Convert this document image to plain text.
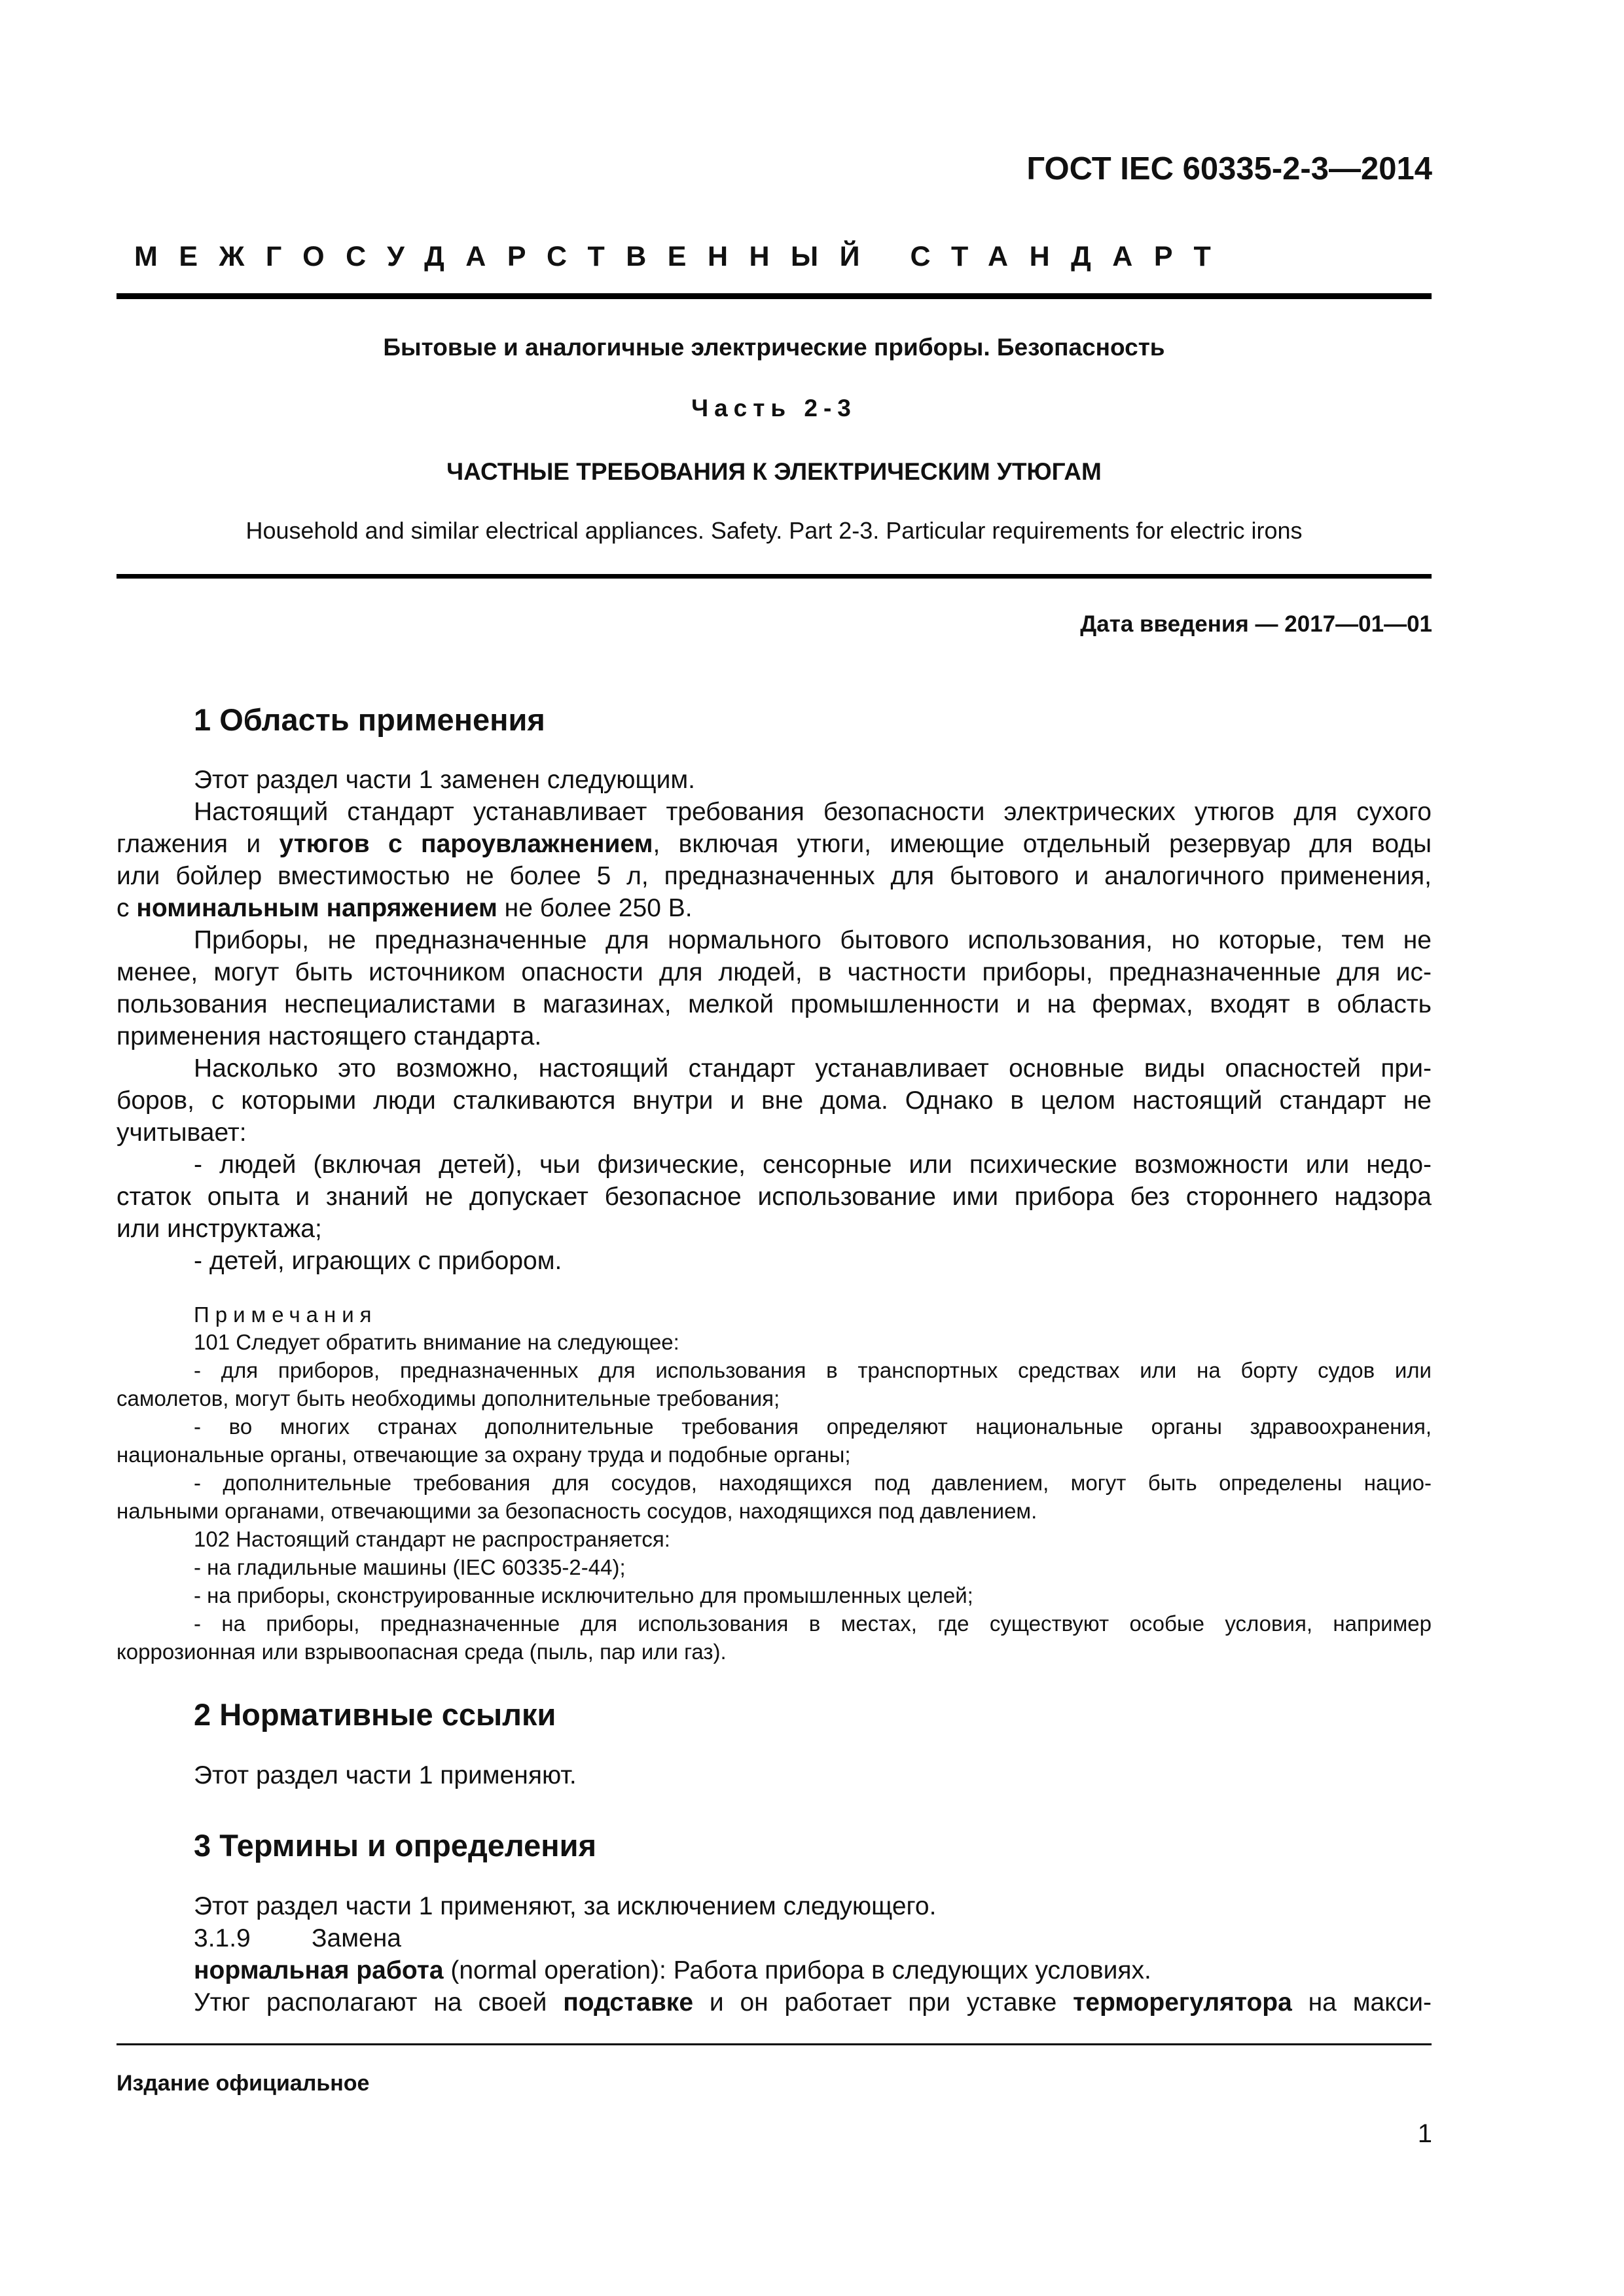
ГОСТ IEC 60335-2-3—2014
МЕЖГОСУДАРСТВЕННЫЙ СТАНДАРТ
Бытовые и аналогичные электрические приборы. Безопасность
Часть 2-3
ЧАСТНЫЕ ТРЕБОВАНИЯ К ЭЛЕКТРИЧЕСКИМ УТЮГАМ
Household and similar electrical appliances. Safety. Part 2-3. Particular requirements for electric irons
Дата введения — 2017—01—01
1 Область применения
Этот раздел части 1 заменен следующим.
Настоящий стандарт устанавливает требования безопасности электрических утюгов для сухого
глажения и утюгов с пароувлажнением, включая утюги, имеющие отдельный резервуар для воды
или бойлер вместимостью не более 5 л, предназначенных для бытового и аналогичного применения,
с номинальным напряжением не более 250 В.
Приборы, не предназначенные для нормального бытового использования, но которые, тем не
менее, могут быть источником опасности для людей, в частности приборы, предназначенные для ис-
пользования неспециалистами в магазинах, мелкой промышленности и на фермах, входят в область
применения настоящего стандарта.
Насколько это возможно, настоящий стандарт устанавливает основные виды опасностей при-
боров, с которыми люди сталкиваются внутри и вне дома. Однако в целом настоящий стандарт не
учитывает:
- людей (включая детей), чьи физические, сенсорные или психические возможности или недо-
статок опыта и знаний не допускает безопасное использование ими прибора без стороннего надзора
или инструктажа;
- детей, играющих с прибором.
Примечания
101 Следует обратить внимание на следующее:
- для приборов, предназначенных для использования в транспортных средствах или на борту судов или
самолетов, могут быть необходимы дополнительные требования;
- во многих странах дополнительные требования определяют национальные органы здравоохранения,
национальные органы, отвечающие за охрану труда и подобные органы;
- дополнительные требования для сосудов, находящихся под давлением, могут быть определены нацио-
нальными органами, отвечающими за безопасность сосудов, находящихся под давлением.
102 Настоящий стандарт не распространяется:
- на гладильные машины (IEC 60335-2-44);
- на приборы, сконструированные исключительно для промышленных целей;
- на приборы, предназначенные для использования в местах, где существуют особые условия, например
коррозионная или взрывоопасная среда (пыль, пар или газ).
2 Нормативные ссылки
Этот раздел части 1 применяют.
3 Термины и определения
Этот раздел части 1 применяют, за исключением следующего.
3.1.9 Замена
нормальная работа (normal operation): Работа прибора в следующих условиях.
Утюг располагают на своей подставке и он работает при уставке терморегулятора на макси-
Издание официальное
1
